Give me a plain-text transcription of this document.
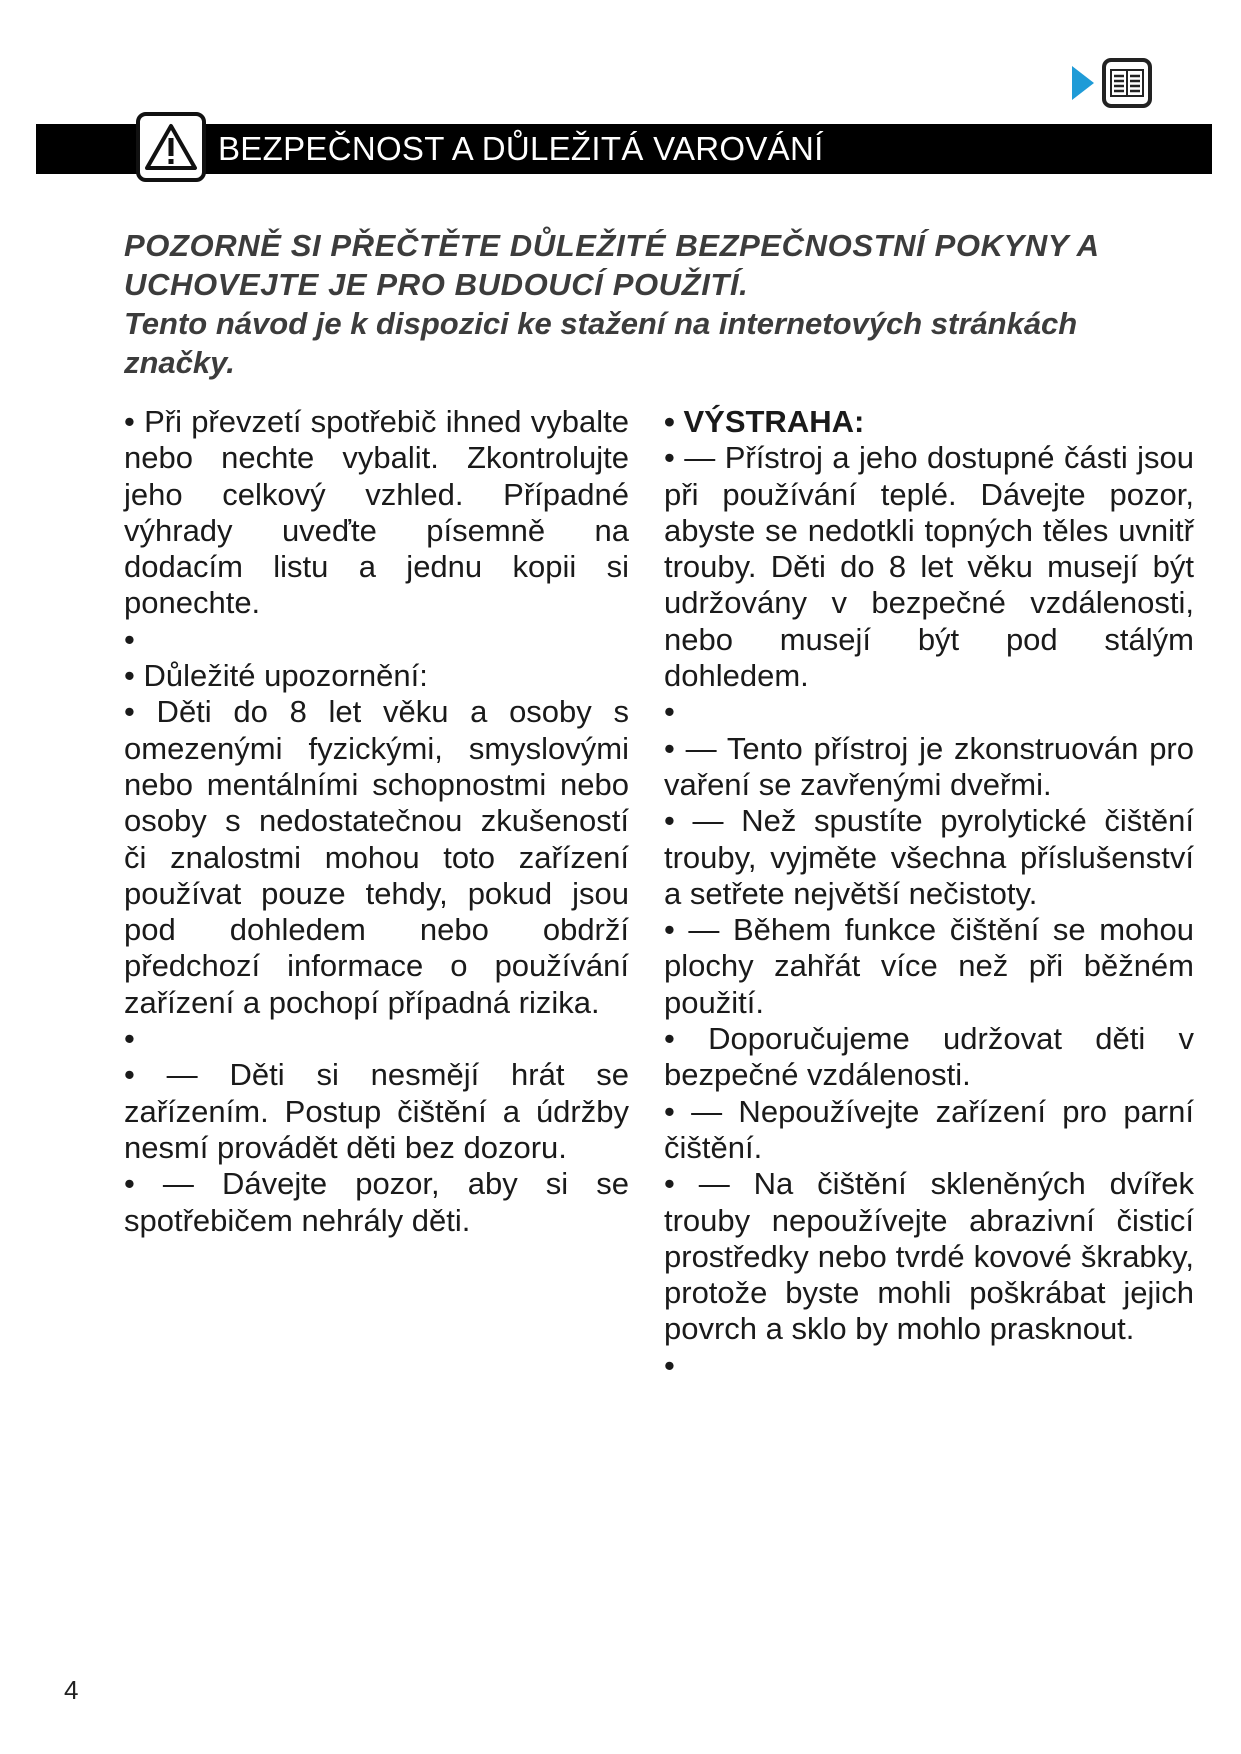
BEZPEČNOST A DŮLEŽITÁ VAROVÁNÍ

POZORNĚ SI PŘEČTĚTE DŮLEŽITÉ BEZPEČNOSTNÍ POKYNY A UCHOVEJTE JE PRO BUDOUCÍ POUŽITÍ.

Tento návod je k dispozici ke stažení na internetových stránkách značky.

• Při převzetí spotřebič ihned vybalte nebo nechte vybalit. Zkontrolujte jeho celkový vzhled. Případné výhrady uveďte písemně na dodacím listu a jednu kopii si ponechte.

•

• Důležité upozornění:

• Děti do 8 let věku a osoby s omezenými fyzickými, smyslovými nebo mentálními schopnostmi nebo osoby s nedostatečnou zkušeností či znalostmi mohou toto zařízení používat pouze tehdy, pokud jsou pod dohledem nebo obdrží předchozí informace o používání zařízení a pochopí případná rizika.

•

• — Děti si nesmějí hrát se zařízením. Postup čištění a údržby nesmí provádět děti bez dozoru.

• — Dávejte pozor, aby si se spotřebičem nehrály děti.

• VÝSTRAHA:

• — Přístroj a jeho dostupné části jsou při používání teplé. Dávejte pozor, abyste se nedotkli topných těles uvnitř trouby. Děti do 8 let věku musejí být udržovány v bezpečné vzdálenosti, nebo musejí být pod stálým dohledem.

•

• — Tento přístroj je zkonstruován pro vaření se zavřenými dveřmi.

• — Než spustíte pyrolytické čištění trouby, vyjměte všechna příslušenství a setřete největší nečistoty.

• — Během funkce čištění se mohou plochy zahřát více než při běžném použití.

• Doporučujeme udržovat děti v bezpečné vzdálenosti.

• — Nepoužívejte zařízení pro parní čištění.

• — Na čištění skleněných dvířek trouby nepoužívejte abrazivní čisticí prostředky nebo tvrdé kovové škrabky, protože byste mohli poškrábat jejich povrch a sklo by mohlo prasknout.

•

4
